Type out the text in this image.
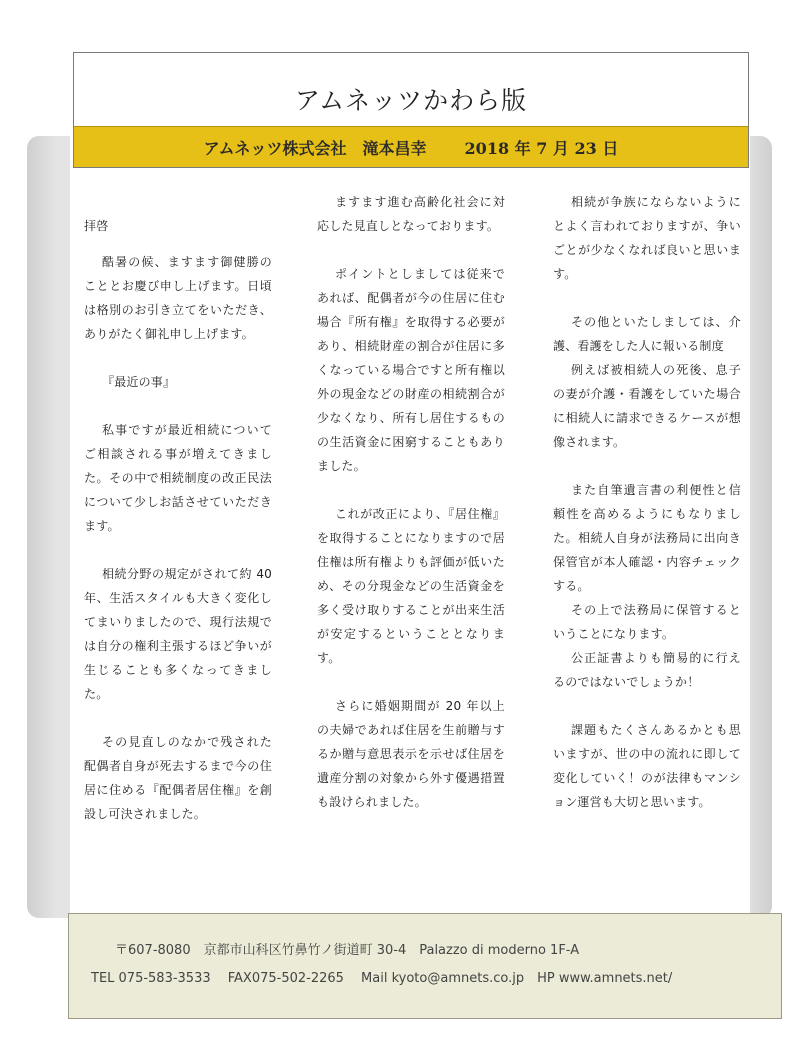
アムネッツかわら版
アムネッツ株式会社　滝本昌幸 2018 年 7 月 23 日

拝啓

酷暑の候、ますます御健勝のこととお慶び申し上げます。日頃は格別のお引き立てをいただき、ありがたく御礼申し上げます。

『最近の事』

私事ですが最近相続についてご相談される事が増えてきました。その中で相続制度の改正民法について少しお話させていただきます。

相続分野の規定がされて約 40 年、生活スタイルも大きく変化してまいりましたので、現行法規では自分の権利主張するほど争いが生じることも多くなってきました。

その見直しのなかで残された配偶者自身が死去するまで今の住居に住める『配偶者居住権』を創設し可決されました。

ますます進む高齢化社会に対応した見直しとなっております。

ポイントとしましては従来であれば、配偶者が今の住居に住む場合『所有権』を取得する必要があり、相続財産の割合が住居に多くなっている場合ですと所有権以外の現金などの財産の相続割合が少なくなり、所有し居住するものの生活資金に困窮することもありました。

これが改正により、『居住権』を取得することになりますので居住権は所有権よりも評価が低いため、その分現金などの生活資金を多く受け取りすることが出来生活が安定するということとなります。

さらに婚姻期間が 20 年以上の夫婦であれば住居を生前贈与するか贈与意思表示を示せば住居を遺産分割の対象から外す優遇措置も設けられました。

相続が争族にならないようにとよく言われておりますが、争いごとが少なくなれば良いと思います。

その他といたしましては、介護、看護をした人に報いる制度

例えば被相続人の死後、息子の妻が介護・看護をしていた場合に相続人に請求できるケースが想像されます。

また自筆遺言書の利便性と信頼性を高めるようにもなりました。相続人自身が法務局に出向き保管官が本人確認・内容チェックする。

その上で法務局に保管するということになります。

公正証書よりも簡易的に行えるのではないでしょうか！

課題もたくさんあるかとも思いますが、世の中の流れに即して変化していく！のが法律もマンション運営も大切と思います。

〒607-8080　京都市山科区竹鼻竹ノ街道町 30-4　Palazzo di moderno 1F-A
TEL 075-583-3533　 FAX075-502-2265 　Mail kyoto@amnets.co.jp　HP www.amnets.net/
